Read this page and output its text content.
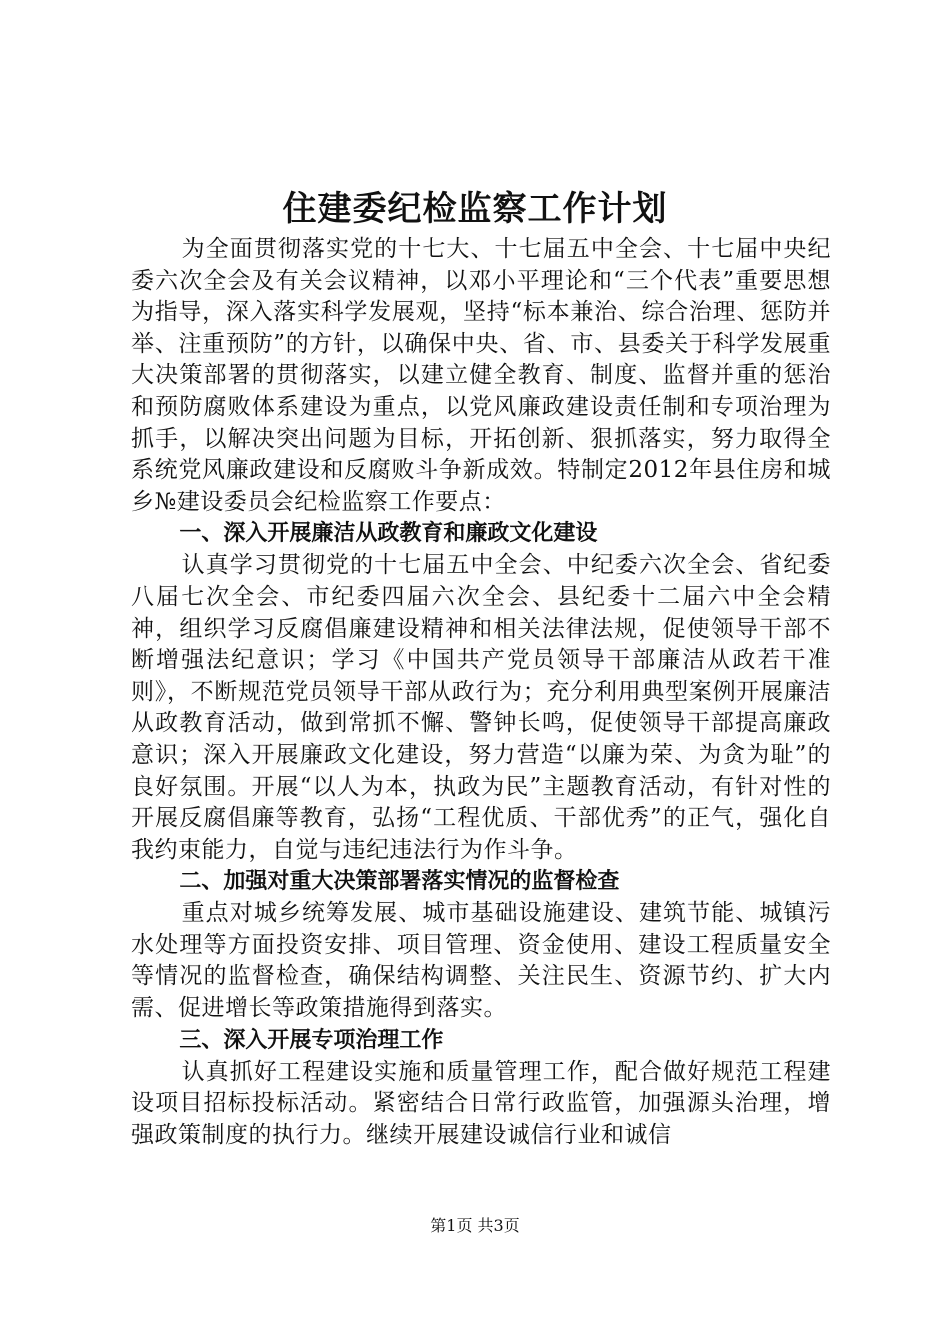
住建委纪检监察工作计划

为全面贯彻落实党的十七大、十七届五中全会、十七届中央纪委六次全会及有关会议精神，以邓小平理论和“三个代表”重要思想为指导，深入落实科学发展观，坚持“标本兼治、综合治理、惩防并举、注重预防”的方针，以确保中央、省、市、县委关于科学发展重大决策部署的贯彻落实，以建立健全教育、制度、监督并重的惩治和预防腐败体系建设为重点，以党风廉政建设责任制和专项治理为抓手，以解决突出问题为目标，开拓创新、狠抓落实，努力取得全系统党风廉政建设和反腐败斗争新成效。特制定2012年县住房和城乡№建设委员会纪检监察工作要点：

一、深入开展廉洁从政教育和廉政文化建设

认真学习贯彻党的十七届五中全会、中纪委六次全会、省纪委八届七次全会、市纪委四届六次全会、县纪委十二届六中全会精神，组织学习反腐倡廉建设精神和相关法律法规，促使领导干部不断增强法纪意识；学习《中国共产党员领导干部廉洁从政若干准则》，不断规范党员领导干部从政行为；充分利用典型案例开展廉洁从政教育活动，做到常抓不懈、警钟长鸣，促使领导干部提高廉政意识；深入开展廉政文化建设，努力营造“以廉为荣、为贪为耻”的良好氛围。开展“以人为本，执政为民”主题教育活动，有针对性的开展反腐倡廉等教育，弘扬“工程优质、干部优秀”的正气，强化自我约束能力，自觉与违纪违法行为作斗争。

二、加强对重大决策部署落实情况的监督检查

重点对城乡统筹发展、城市基础设施建设、建筑节能、城镇污水处理等方面投资安排、项目管理、资金使用、建设工程质量安全等情况的监督检查，确保结构调整、关注民生、资源节约、扩大内需、促进增长等政策措施得到落实。

三、深入开展专项治理工作

认真抓好工程建设实施和质量管理工作，配合做好规范工程建设项目招标投标活动。紧密结合日常行政监管，加强源头治理，增强政策制度的执行力。继续开展建设诚信行业和诚信

第1页 共3页
